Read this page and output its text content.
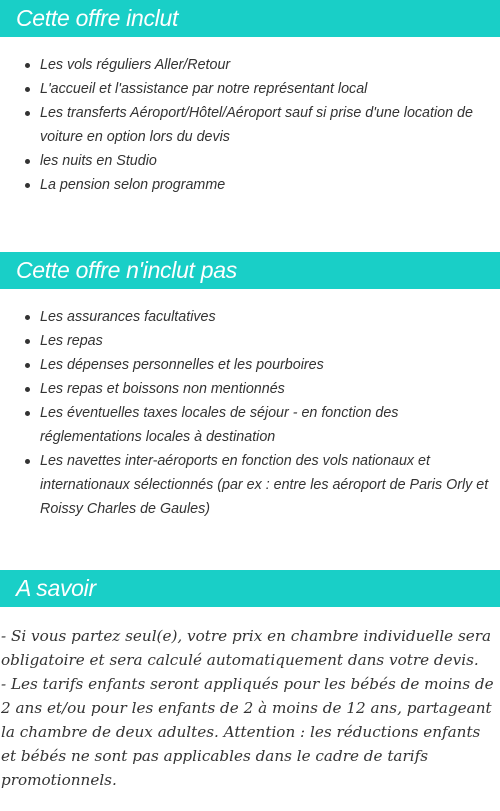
Cette offre inclut
Les vols réguliers Aller/Retour
L'accueil et l'assistance par notre représentant local
Les transferts Aéroport/Hôtel/Aéroport sauf si prise d'une location de voiture en option lors du devis
les nuits en Studio
La pension selon programme
Cette offre n'inclut pas
Les assurances facultatives
Les repas
Les dépenses personnelles et les pourboires
Les repas et boissons non mentionnés
Les éventuelles taxes locales de séjour - en fonction des réglementations locales à destination
Les navettes inter-aéroports en fonction des vols nationaux et internationaux sélectionnés (par ex : entre les aéroport de Paris Orly et Roissy Charles de Gaules)
A savoir

- Si vous partez seul(e), votre prix en chambre individuelle sera obligatoire et sera calculé automatiquement dans votre devis.

- Les tarifs enfants seront appliqués pour les bébés de moins de 2 ans et/ou pour les enfants de 2 à moins de 12 ans, partageant la chambre de deux adultes. Attention : les réductions enfants et bébés ne sont pas applicables dans le cadre de tarifs promotionnels.
